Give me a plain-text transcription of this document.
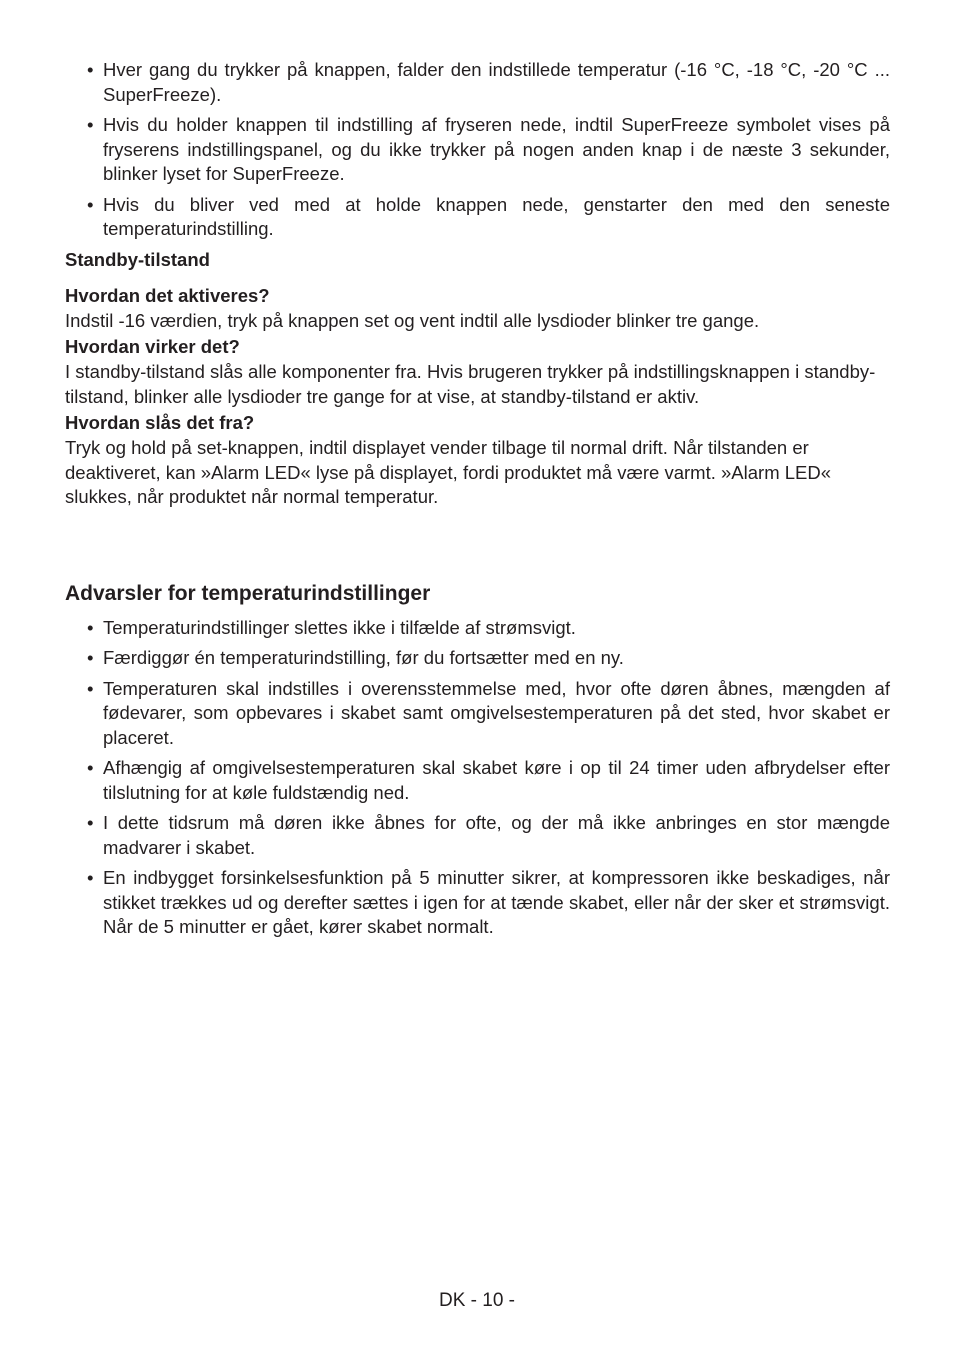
• Hver gang du trykker på knappen, falder den indstillede temperatur (-16 °C, -18 °C, -20 °C ... SuperFreeze).
• Hvis du holder knappen til indstilling af fryseren nede, indtil SuperFreeze symbolet vises på fryserens indstillingspanel, og du ikke trykker på nogen anden knap i de næste 3 sekunder, blinker lyset for SuperFreeze.
• Hvis du bliver ved med at holde knappen nede, genstarter den med den seneste temperaturindstilling.

Standby-tilstand

Hvordan det aktiveres?

Indstil -16 værdien, tryk på knappen set og vent indtil alle lysdioder blinker tre gange.

Hvordan virker det?

I standby-tilstand slås alle komponenter fra. Hvis brugeren trykker på indstillingsknappen i standby-tilstand, blinker alle lysdioder tre gange for at vise, at standby-tilstand er aktiv.

Hvordan slås det fra?

Tryk og hold på set-knappen, indtil displayet vender tilbage til normal drift. Når tilstanden er deaktiveret, kan »Alarm LED« lyse på displayet, fordi produktet må være varmt. »Alarm LED« slukkes, når produktet når normal temperatur.

Advarsler for temperaturindstillinger
• Temperaturindstillinger slettes ikke i tilfælde af strømsvigt.
• Færdiggør én temperaturindstilling, før du fortsætter med en ny.
• Temperaturen skal indstilles i overensstemmelse med, hvor ofte døren åbnes, mængden af fødevarer, som opbevares i skabet samt omgivelsestemperaturen på det sted, hvor skabet er placeret.
• Afhængig af omgivelsestemperaturen skal skabet køre i op til 24 timer uden afbrydelser efter tilslutning for at køle fuldstændig ned.
• I dette tidsrum må døren ikke åbnes for ofte, og der må ikke anbringes en stor mængde madvarer i skabet.
• En indbygget forsinkelsesfunktion på 5 minutter sikrer, at kompressoren ikke beskadiges, når stikket trækkes ud og derefter sættes i igen for at tænde skabet, eller når der sker et strømsvigt. Når de 5 minutter er gået, kører skabet normalt.
DK - 10 -
